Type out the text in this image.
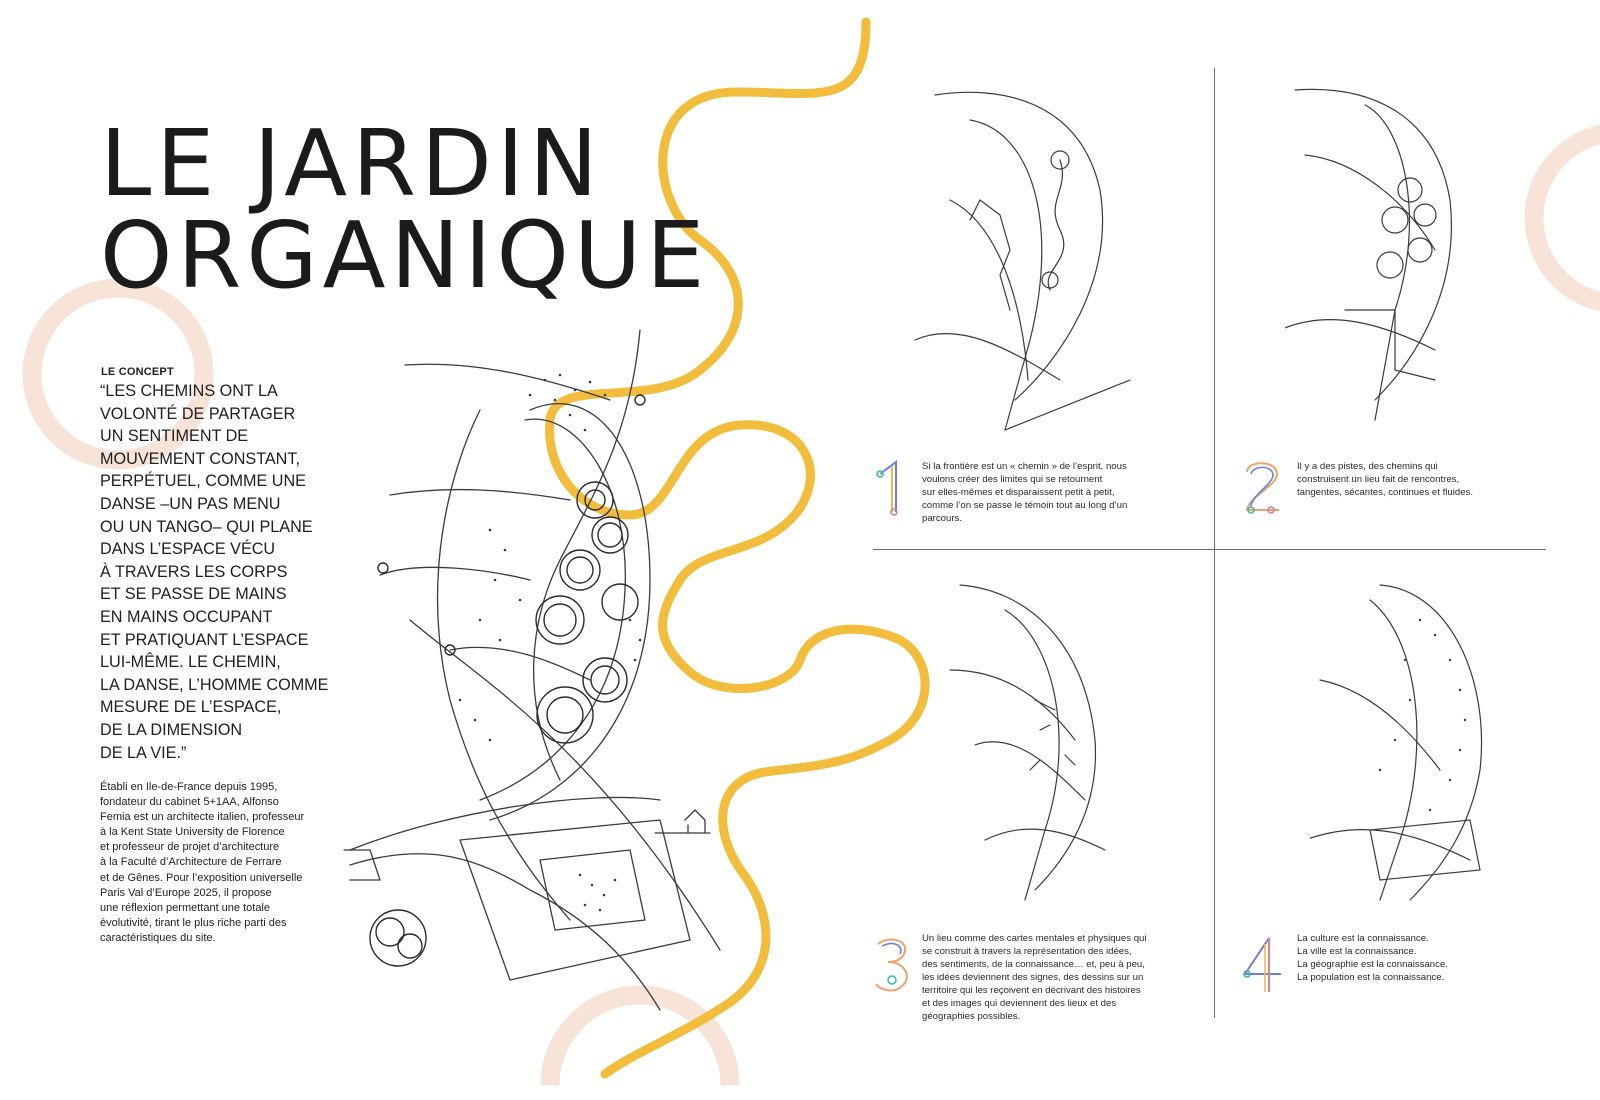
LE JARDIN
ORGANIQUE
LE CONCEPT

“LES CHEMINS ONT LA
VOLONTÉ DE PARTAGER
UN SENTIMENT DE
MOUVEMENT CONSTANT,
PERPÉTUEL, COMME UNE
DANSE –UN PAS MENU
OU UN TANGO– QUI PLANE
DANS L’ESPACE VÉCU
À TRAVERS LES CORPS
ET SE PASSE DE MAINS
EN MAINS OCCUPANT
ET PRATIQUANT L’ESPACE
LUI-MÊME. LE CHEMIN,
LA DANSE, L’HOMME COMME
MESURE DE L’ESPACE,
DE LA DIMENSION
DE LA VIE.”

Établi en Ile-de-France depuis 1995,
fondateur du cabinet 5+1AA, Alfonso
Femia est un architecte italien, professeur
à la Kent State University de Florence
et professeur de projet d’architecture
à la Faculté d’Architecture de Ferrare
et de Gênes. Pour l’exposition universelle
Paris Val d’Europe 2025, il propose
une réflexion permettant une totale
évolutivité, tirant le plus riche parti des
caractéristiques du site.

Si la frontière est un « chemin » de l’esprit, nous
voulons créer des limites qui se retournent
sur elles-mêmes et disparaissent petit à petit,
comme l’on se passe le témoin tout au long d’un
parcours.

Il y a des pistes, des chemins qui
construisent un lieu fait de rencontres,
tangentes, sécantes, continues et fluides.

Un lieu comme des cartes mentales et physiques qui
se construit à travers la représentation des idées,
des sentiments, de la connaissance… et, peu à peu,
les idées deviennent des signes, des dessins sur un
territoire qui les reçoivent en décrivant des histoires
et des images qui deviennent des lieux et des
géographies possibles.

La culture est la connaissance.
La ville est la connaissance.
La géographie est la connaissance.
La population est la connaissance.
